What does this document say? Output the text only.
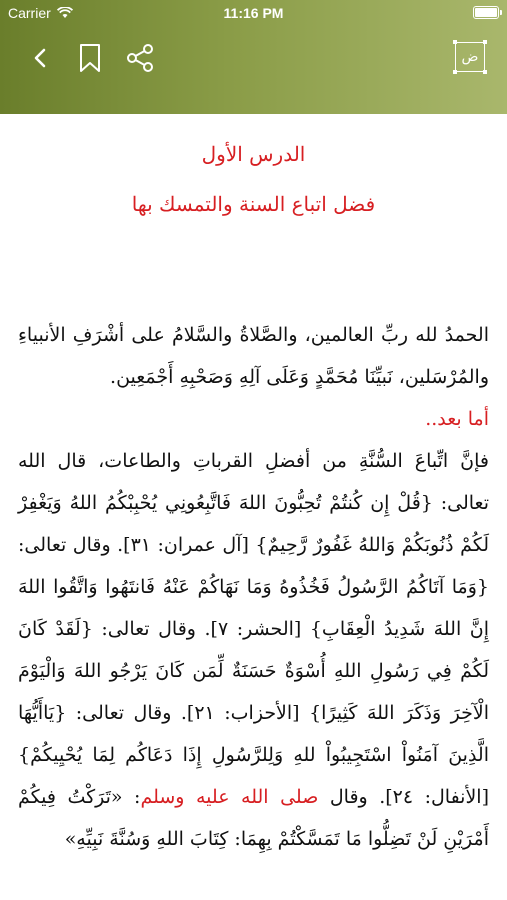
Carrier	11:16 PM
ض
الدرس الأول
فضل اتباع السنة والتمسك بها

الحمدُ لله ربِّ العالمين، والصَّلاةُ والسَّلامُ على أشْرَفِ الأنبياءِ والمُرْسَلين، نَبيِّنَا مُحَمَّدٍ وَعَلَى آلِهِ وَصَحْبِهِ أَجْمَعِين.

أما بعد..

فإنَّ اتِّباعَ السُّنَّةِ من أفضلِ القرباتِ والطاعات، قال الله تعالى: {قُلْ إِن كُنتُمْ تُحِبُّونَ اللهَ فَاتَّبِعُونِي يُحْبِبْكُمُ اللهُ وَيَغْفِرْ لَكُمْ ذُنُوبَكُمْ وَاللهُ غَفُورٌ رَّحِيمٌ} [آل عمران: ٣١]. وقال تعالى: {وَمَا آتَاكُمُ الرَّسُولُ فَخُذُوهُ وَمَا نَهَاكُمْ عَنْهُ فَانتَهُوا وَاتَّقُوا اللهَ إِنَّ اللهَ شَدِيدُ الْعِقَابِ} [الحشر: ٧]. وقال تعالى: {لَقَدْ كَانَ لَكُمْ فِي رَسُولِ اللهِ أُسْوَةٌ حَسَنَةٌ لِّمَن كَانَ يَرْجُو اللهَ وَالْيَوْمَ الْآخِرَ وَذَكَرَ اللهَ كَثِيرًا} [الأحزاب: ٢١]. وقال تعالى: {يَاأَيُّهَا الَّذِينَ آمَنُواْ اسْتَجِيبُواْ للهِ وَلِلرَّسُولِ إِذَا دَعَاكُم لِمَا يُحْيِيكُمْ} [الأنفال: ٢٤]. وقال صلى الله عليه وسلم: «تَرَكْتُ فِيكُمْ أَمْرَيْنِ لَنْ تَضِلُّوا مَا تَمَسَّكْتُمْ بِهِمَا: كِتَابَ اللهِ وَسُنَّةَ نَبِيِّهِ»
